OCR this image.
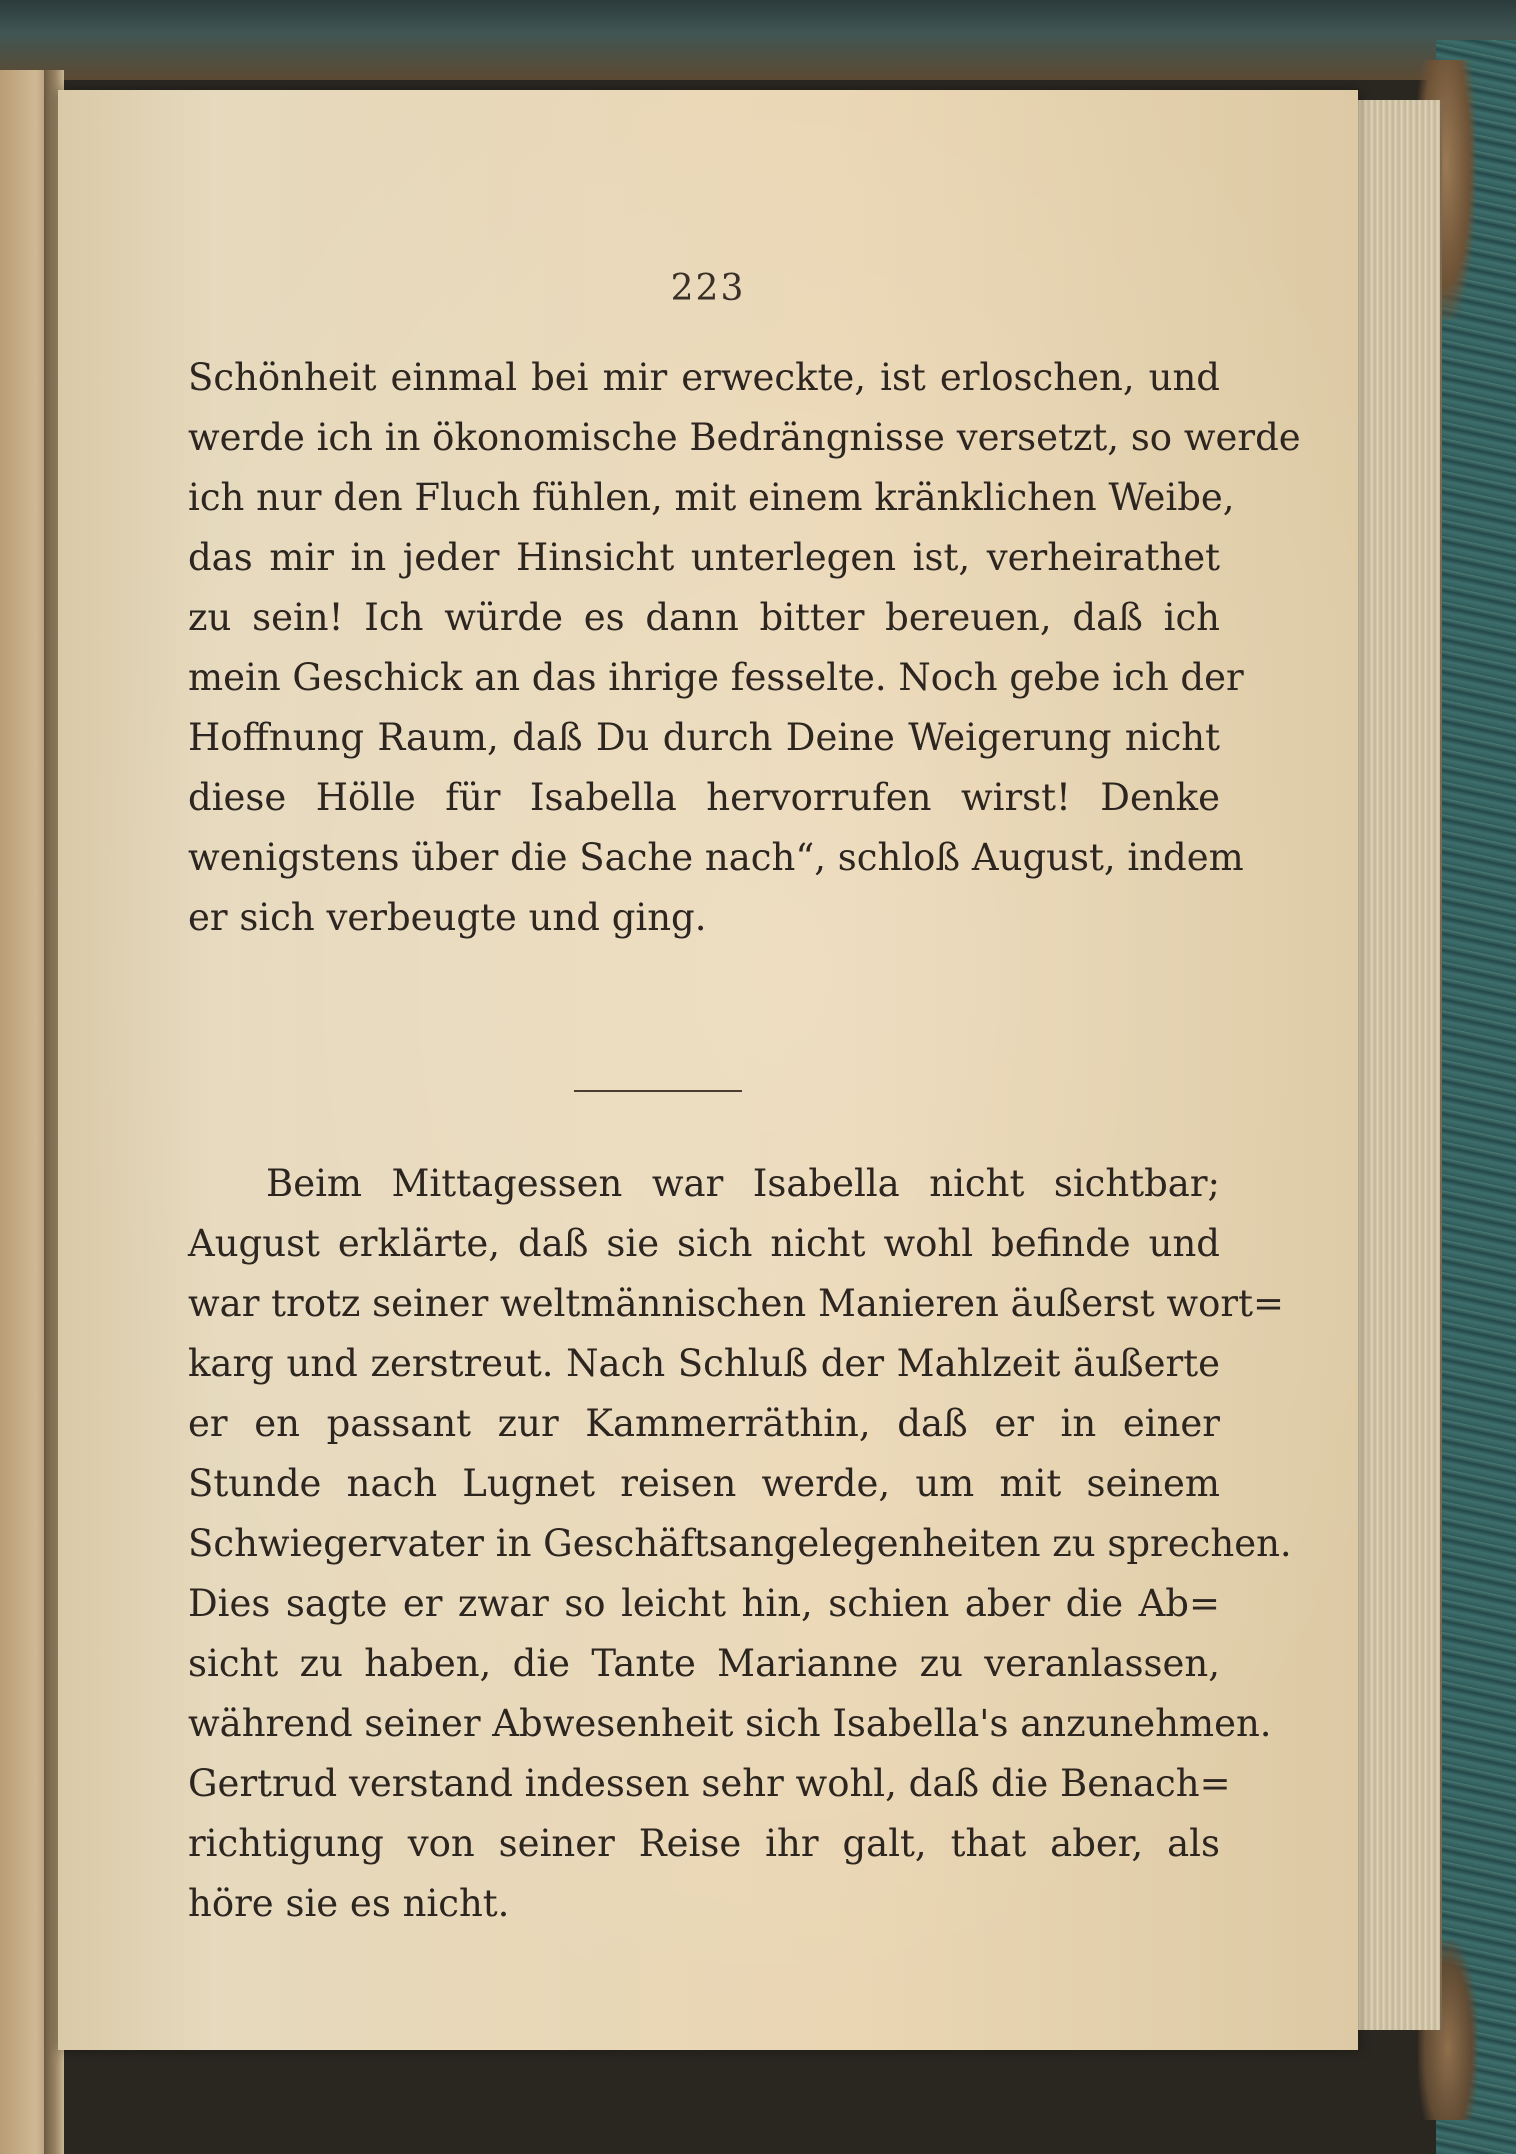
223
Schönheit einmal bei mir erweckte, ist erloschen, und
werde ich in ökonomische Bedrängnisse versetzt, so werde
ich nur den Fluch fühlen, mit einem kränklichen Weibe,
das mir in jeder Hinsicht unterlegen ist, verheirathet
zu sein! Ich würde es dann bitter bereuen, daß ich
mein Geschick an das ihrige fesselte. Noch gebe ich der
Hoffnung Raum, daß Du durch Deine Weigerung nicht
diese Hölle für Isabella hervorrufen wirst! Denke
wenigstens über die Sache nach“, schloß August, indem
er sich verbeugte und ging.
Beim Mittagessen war Isabella nicht sichtbar;
August erklärte, daß sie sich nicht wohl befinde und
war trotz seiner weltmännischen Manieren äußerst wort=
karg und zerstreut. Nach Schluß der Mahlzeit äußerte
er en passant zur Kammerräthin, daß er in einer
Stunde nach Lugnet reisen werde, um mit seinem
Schwiegervater in Geschäftsangelegenheiten zu sprechen.
Dies sagte er zwar so leicht hin, schien aber die Ab=
sicht zu haben, die Tante Marianne zu veranlassen,
während seiner Abwesenheit sich Isabella's anzunehmen.
Gertrud verstand indessen sehr wohl, daß die Benach=
richtigung von seiner Reise ihr galt, that aber, als
höre sie es nicht.
